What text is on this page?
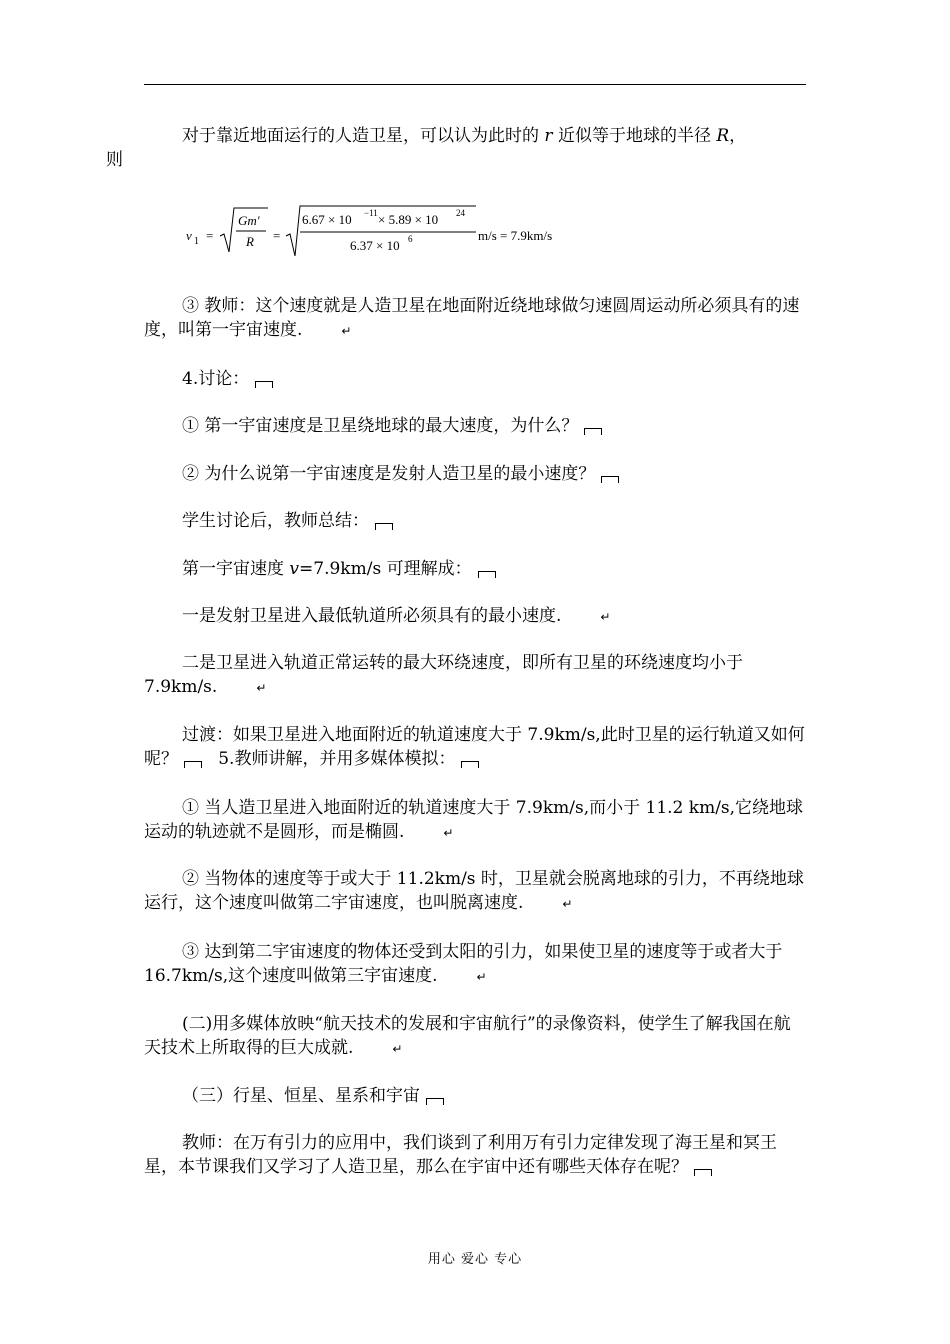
对于靠近地面运行的人造卫星，可以认为此时的 r 近似等于地球的半径 R，
则
v 1 =
Gm′
R =
6.67 × 10 −11 × 5.89 × 10 24
6.37 × 10 6	m/s = 7.9km/s
③ 教师：这个速度就是人造卫星在地面附近绕地球做匀速圆周运动所必须具有的速度，叫第一宇宙速度.	↵
4.讨论：
① 第一宇宙速度是卫星绕地球的最大速度，为什么？
② 为什么说第一宇宙速度是发射人造卫星的最小速度？
学生讨论后，教师总结：
第一宇宙速度 v=7.9km/s 可理解成：
一是发射卫星进入最低轨道所必须具有的最小速度.	↵
二是卫星进入轨道正常运转的最大环绕速度，即所有卫星的环绕速度均小于 7.9km/s.	↵
过渡：如果卫星进入地面附近的轨道速度大于 7.9km/s,此时卫星的运行轨道又如何呢？ 5.教师讲解，并用多媒体模拟：
① 当人造卫星进入地面附近的轨道速度大于 7.9km/s,而小于 11.2 km/s,它绕地球运动的轨迹就不是圆形，而是椭圆.	↵
② 当物体的速度等于或大于 11.2km/s 时，卫星就会脱离地球的引力，不再绕地球运行，这个速度叫做第二宇宙速度，也叫脱离速度.	↵
③ 达到第二宇宙速度的物体还受到太阳的引力，如果使卫星的速度等于或者大于 16.7km/s,这个速度叫做第三宇宙速度.	↵
(二)用多媒体放映“航天技术的发展和宇宙航行”的录像资料，使学生了解我国在航天技术上所取得的巨大成就.	↵
（三）行星、恒星、星系和宇宙
教师：在万有引力的应用中，我们谈到了利用万有引力定律发现了海王星和冥王星，本节课我们又学习了人造卫星，那么在宇宙中还有哪些天体存在呢？
用心 爱心 专心
